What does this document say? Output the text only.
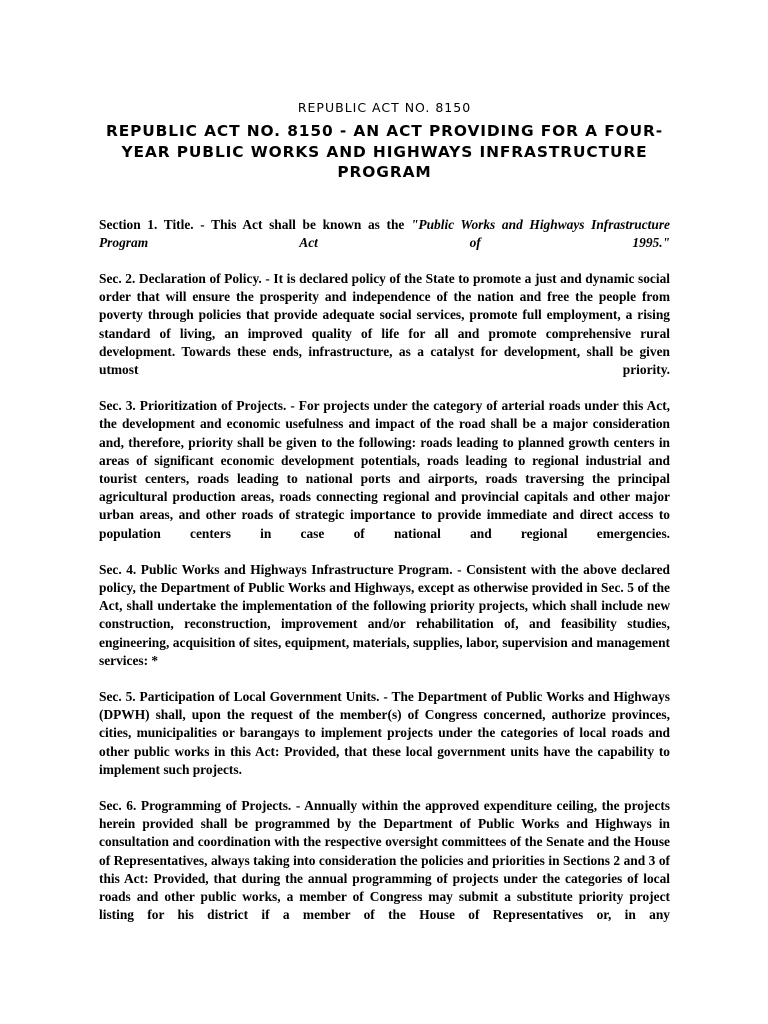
REPUBLIC ACT NO. 8150
REPUBLIC ACT NO. 8150 - AN ACT PROVIDING FOR A FOUR-YEAR PUBLIC WORKS AND HIGHWAYS INFRASTRUCTURE PROGRAM

Section 1. Title. - This Act shall be known as the "Public Works and Highways Infrastructure Program Act of 1995."

Sec. 2. Declaration of Policy. - It is declared policy of the State to promote a just and dynamic social order that will ensure the prosperity and independence of the nation and free the people from poverty through policies that provide adequate social services, promote full employment, a rising standard of living, an improved quality of life for all and promote comprehensive rural development. Towards these ends, infrastructure, as a catalyst for development, shall be given utmost priority.

Sec. 3. Prioritization of Projects. - For projects under the category of arterial roads under this Act, the development and economic usefulness and impact of the road shall be a major consideration and, therefore, priority shall be given to the following: roads leading to planned growth centers in areas of significant economic development potentials, roads leading to regional industrial and tourist centers, roads leading to national ports and airports, roads traversing the principal agricultural production areas, roads connecting regional and provincial capitals and other major urban areas, and other roads of strategic importance to provide immediate and direct access to population centers in case of national and regional emergencies.

Sec. 4. Public Works and Highways Infrastructure Program. - Consistent with the above declared policy, the Department of Public Works and Highways, except as otherwise provided in Sec. 5 of the Act, shall undertake the implementation of the following priority projects, which shall include new construction, reconstruction, improvement and/or rehabilitation of, and feasibility studies, engineering, acquisition of sites, equipment, materials, supplies, labor, supervision and management services: *

Sec. 5. Participation of Local Government Units. - The Department of Public Works and Highways (DPWH) shall, upon the request of the member(s) of Congress concerned, authorize provinces, cities, municipalities or barangays to implement projects under the categories of local roads and other public works in this Act: Provided, that these local government units have the capability to implement such projects.

Sec. 6. Programming of Projects. - Annually within the approved expenditure ceiling, the projects herein provided shall be programmed by the Department of Public Works and Highways in consultation and coordination with the respective oversight committees of the Senate and the House of Representatives, always taking into consideration the policies and priorities in Sections 2 and 3 of this Act: Provided, that during the annual programming of projects under the categories of local roads and other public works, a member of Congress may submit a substitute priority project listing for his district if a member of the House of Representatives or, in any
